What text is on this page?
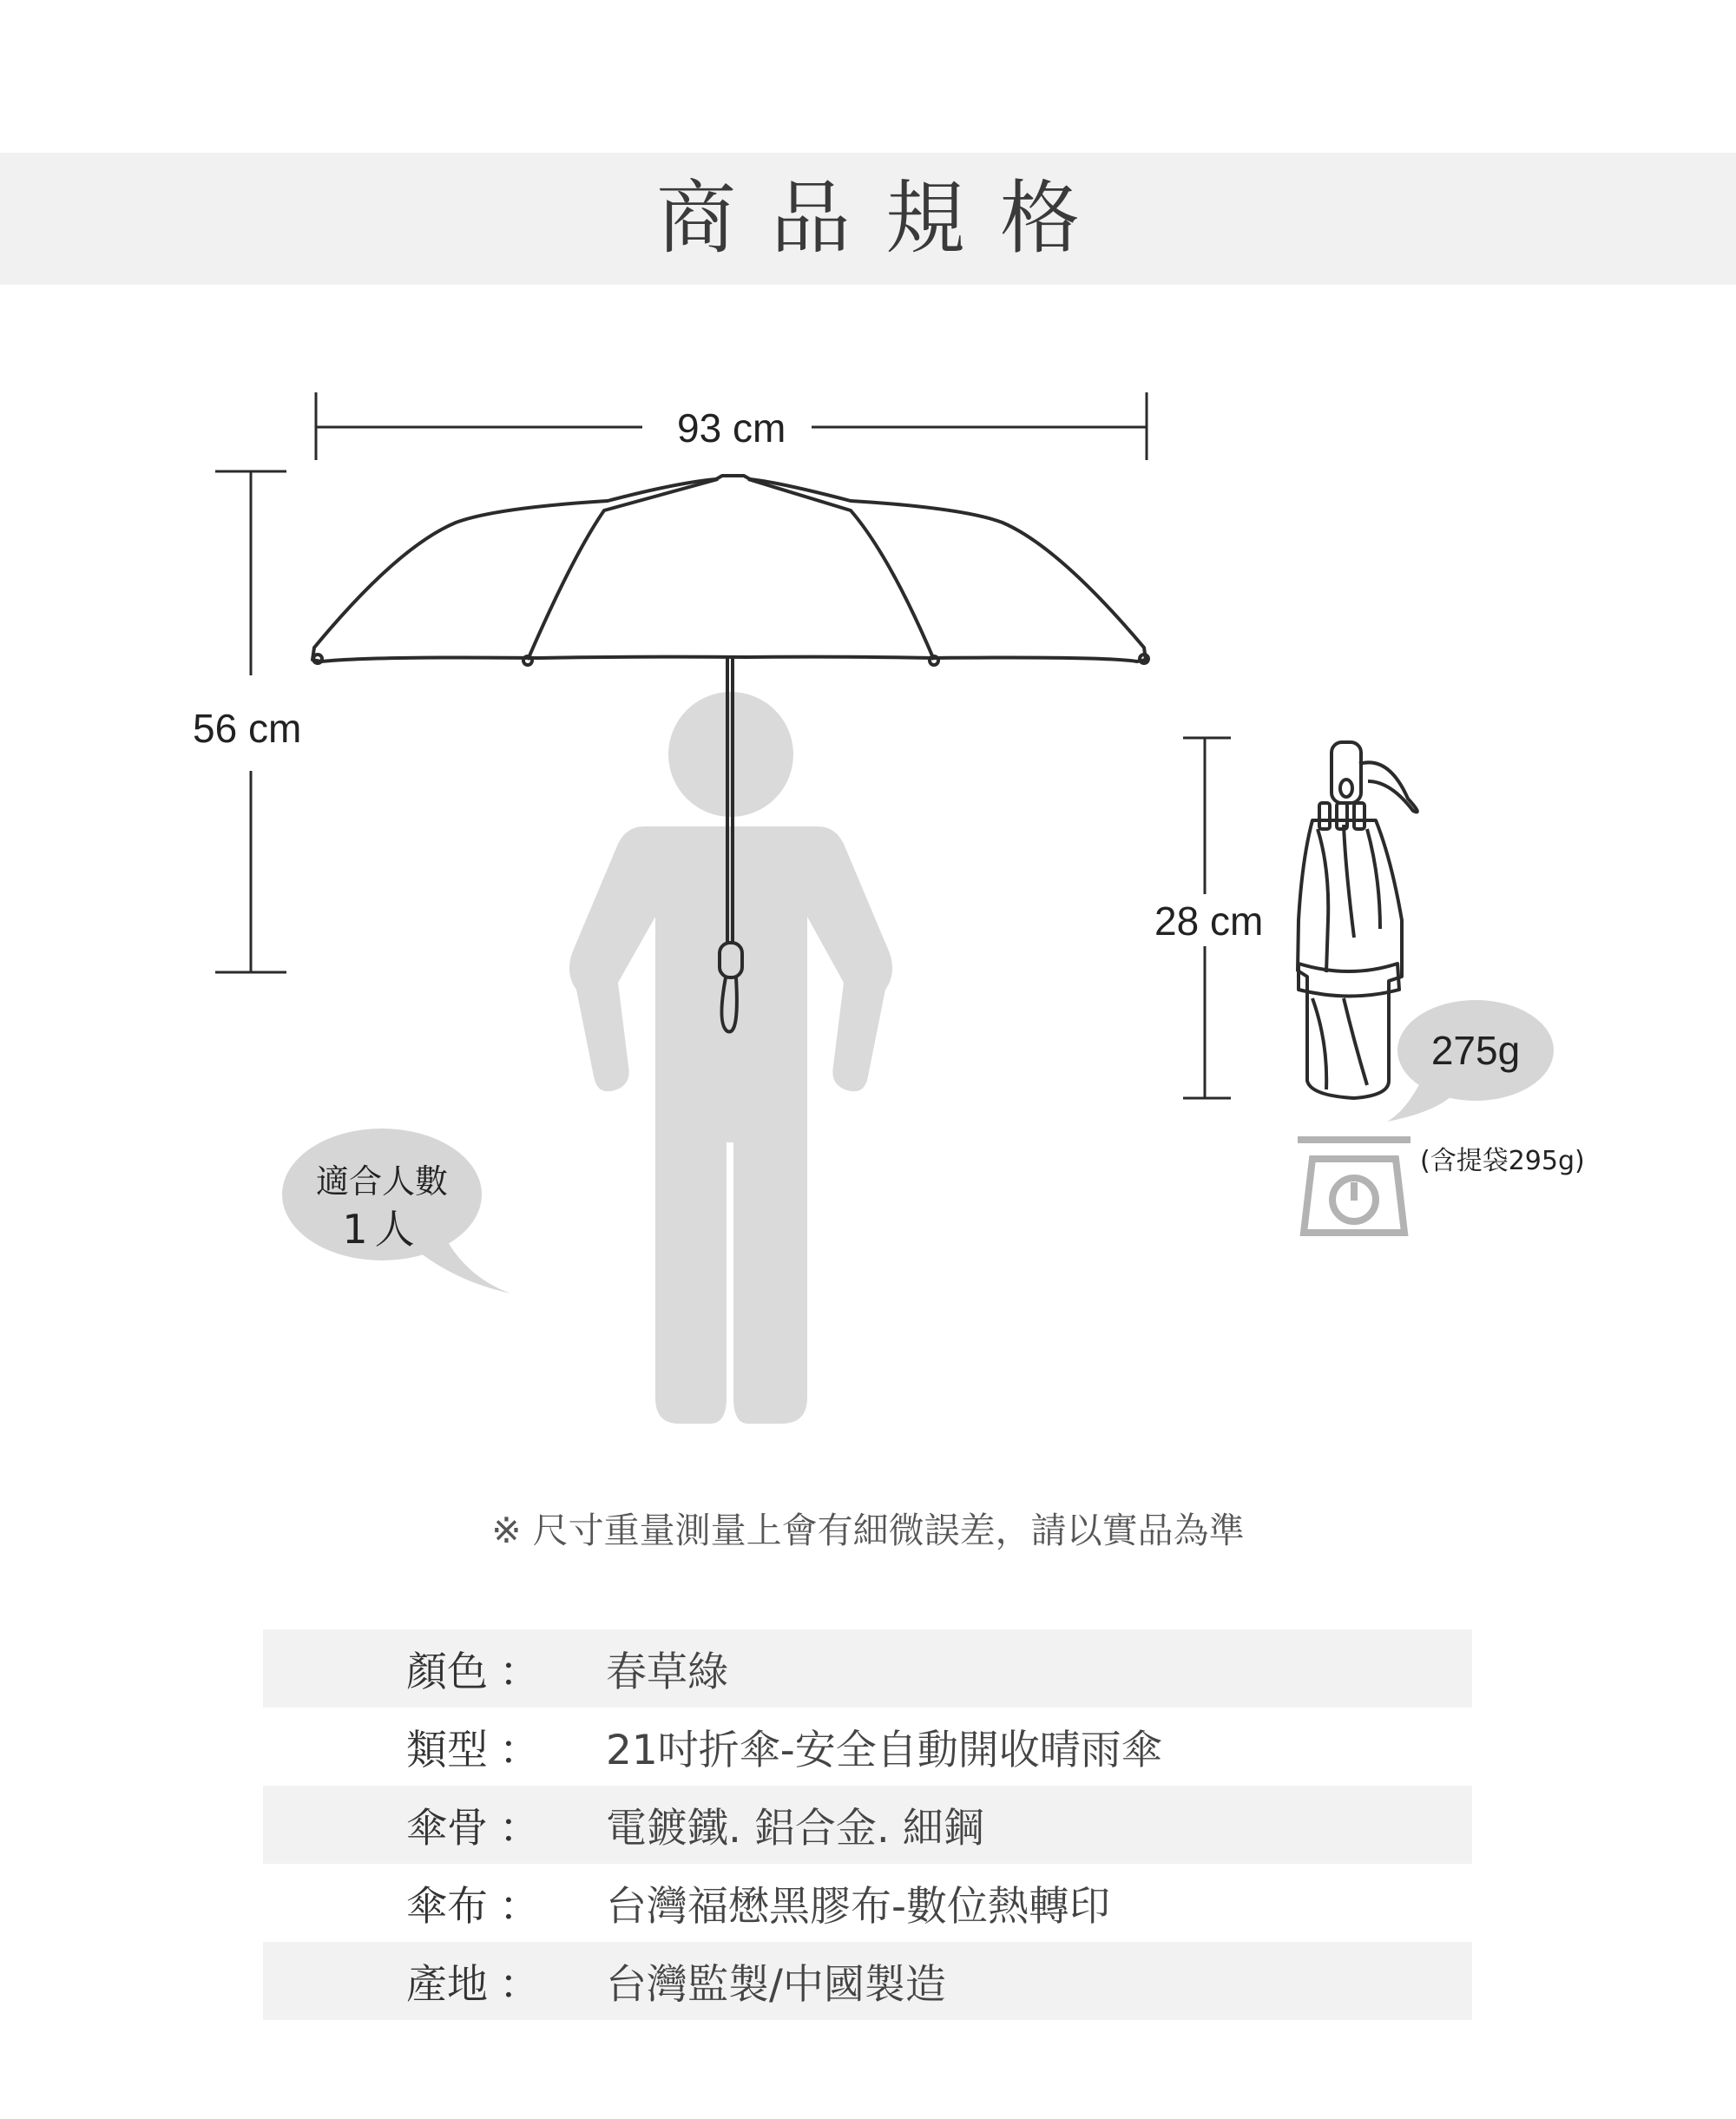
商品規格
93 cm
56 cm
28 cm
275g
(含提袋295g)
適合人數
1人
※ 尺寸重量測量上會有細微誤差，請以實品為準
顏色 ： 春草綠
類型 ： 21吋折傘-安全自動開收晴雨傘
傘骨 ： 電鍍鐵. 鋁合金. 細鋼
傘布 ： 台灣福懋黑膠布-數位熱轉印
產地 ： 台灣監製/中國製造
